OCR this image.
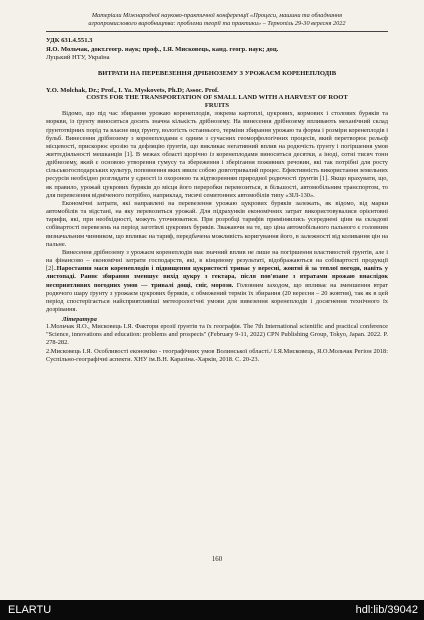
Матеріали Міжнародної науково-практичної конференції «Процеси, машини та обладнання
агропромислового виробництва: проблеми теорії та практики» – Тернопіль 29-30 вересня 2022
УДК 631.4.551.3
Я.О. Мольчак, докт.геогр. наук; проф., І.Я. Мисковець, канд. геогр. наук; доц.
Луцький НТУ, Україна
ВИТРАТИ НА ПЕРЕВЕЗЕННЯ ДРІБНОЗЕМУ З УРОЖАЄМ КОРЕНЕПЛОДІВ
Y.O. Molchak, Dr.; Prof., I. Ya. Myskovets, Ph.D; Assoc. Prof.
COSTS FOR THE TRANSPORTATION OF SMALL LAND WITH A HARVEST OF ROOT FRUITS

Відомо, що під час збирання урожаю коренеплодів, зокрема картоплі, цукрових, кормових і столових буряків та моркви, із ґрунту виноситься досить значна кількість дрібнозему. На винесення дрібнозему впливають механічний склад ґрунтотвірних порід та власне вид ґрунту, вологість останнього, терміни збирання урожаю та форма і розміри коренеплодів і бульб. Винесення дрібнозему з коренеплодами є одним з сучасних геоморфологічних процесів, який перетворює рельєф місцевості, прискорює ерозію та дефляцію ґрунтів, що викликає негативний вплив на родючість ґрунту і погіршення умов життєдіяльності мешканців [1]. В межах області щорічно із коренеплодами виноситься десятки, а іноді, сотні тисяч тонн дрібнозему, який є основою утворення гумусу та збереження і зберігання поживних речовин, які так потрібні для росту сільськогосподарських культур, поповнення яких явилє собою довготривалий процес. Ефективність використання земельних ресурсів необхідно розглядати у єдності із охороною та відтворенням природної родючості ґрунтів [1]. Якщо врахувати, що, як правило, урожай цукрових буряків до місця його переробки перевозиться, в більшості, автомобільним транспортом, то для перевезення відміченого потрібно, наприклад, тисячі семитонних автомобілів типу «ЗІЛ-130».

Економічні затрати, які направлені на перевезення урожаю цукрових буряків залежать, як відомо, від марки автомобілів та відстані, на яку перевозиться урожай. Для підрахунків економічних затрат використовувалися орієнтовні тарифи, які, при необхідності, можуть уточнюватися. При розробці тарифів приміняились усереднені ціни на складові собівартості перевезень на період заготівлі цукрових буряків. Зважаючи на те, що ціна автомобільного пального є головним визначальним чинником, що впливає на тариф, передбачена можливість коригування його, в залежності від коливання цін на пальне.

Винесення дрібнозему з урожаєм коренеплодів має значний вплив не лише на погіршення властивостей ґрунтів, але і на фінансово – економічні затрати господарств, які, в кінцевому результаті, відображаються на собівартості продукції [2]..Наростання маси коренеплодів і підвищення цукристості триває у вересні, жовтні й за теплої погоди, навіть у листопаді. Раннє збирання зменшує вихід цукру з гектара, після пов'язане з втратами врожаю внаслідок несприятливих погодних умов — тривалі дощі, сніг, морози. Головним заходом, що впливає на зменшення втрат родючого шару ґрунту з урожаєм цукрових буряків, є обмежений термін їх збирання (20 вересня – 20 жовтня), так як в цей період спостерігається найсприятливіші метеорологічні умови для вивезення коренеплодів і досягнення технічного їх дозрівання.

Література
1.Мольчак Я.О., Мисковець І.Я. Фактори ерозії ґрунтів та їх географія. The 7th International scientific and practical conference "Science, innovations and education: problems and prospects" (February 9-11, 2022) CPN Publishing Group, Tokyo, Japan. 2022. P. 278-282.
2.Мисковець І.Я. Особливості економіко - географічних умов Волинської області./ І.Я.Мисковець, Я.О.Мольчак Регіон 2018: Суспільно-географічні аспекти. ХНУ ім.В.Н. Каразіна.-Харків, 2018. С. 20-23.
160
ELARTU	hdl:lib/39042
